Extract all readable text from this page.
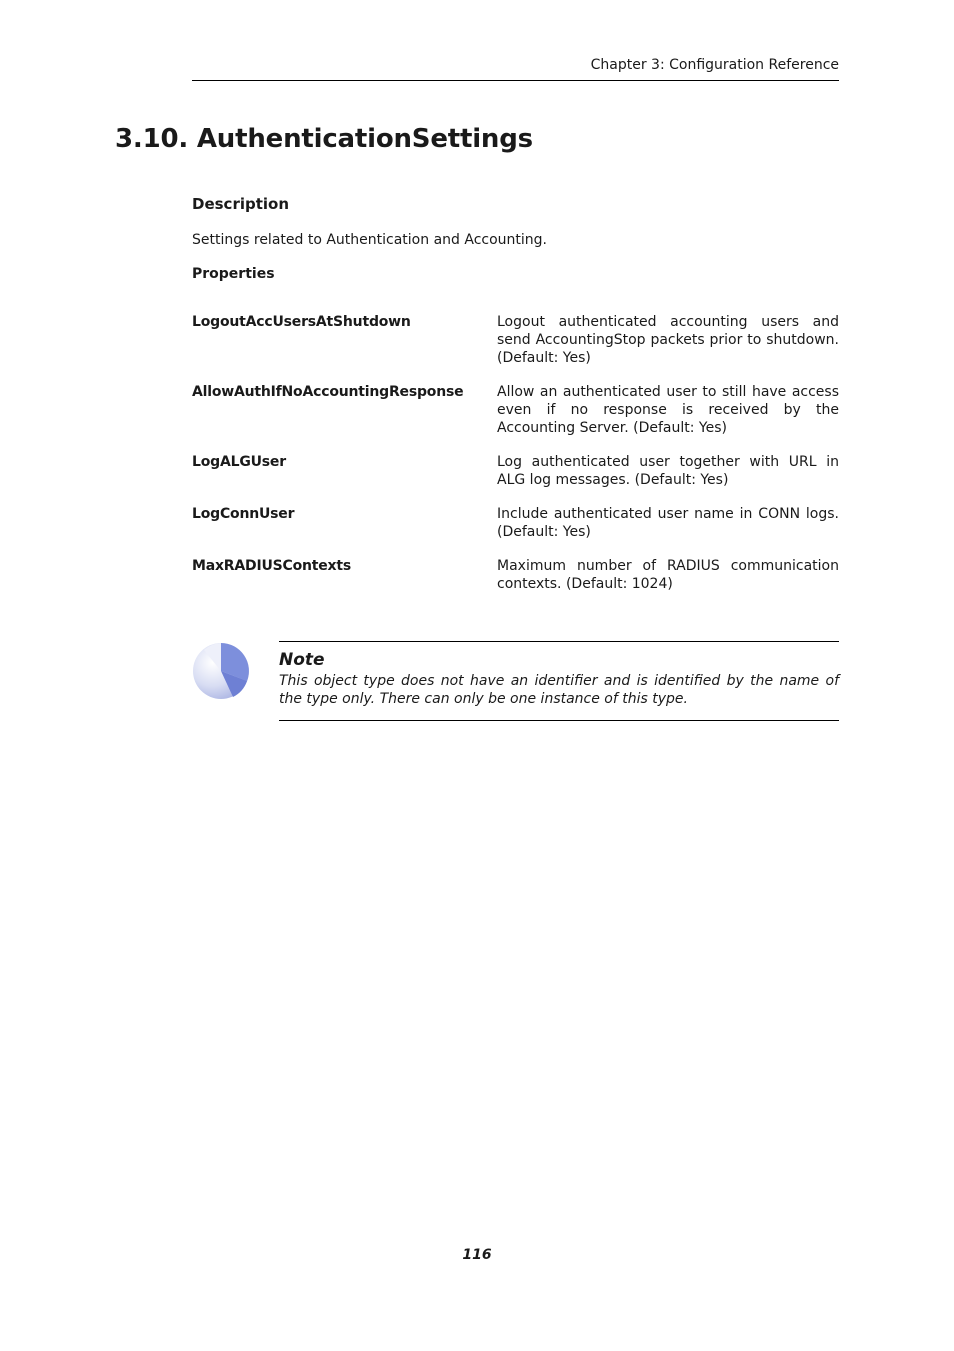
Chapter 3: Configuration Reference
3.10. AuthenticationSettings
Description
Settings related to Authentication and Accounting.
Properties
LogoutAccUsersAtShutdown	Logout authenticated accounting users and send AccountingStop packets prior to shutdown. (Default: Yes)
AllowAuthIfNoAccountingResponse	Allow an authenticated user to still have access even if no response is received by the Accounting Server. (Default: Yes)
LogALGUser	Log authenticated user together with URL in ALG log messages. (Default: Yes)
LogConnUser	Include authenticated user name in CONN logs. (Default: Yes)
MaxRADIUSContexts	Maximum number of RADIUS communication contexts. (Default: 1024)
Note
This object type does not have an identifier and is identified by the name of the type only. There can only be one instance of this type.
116
